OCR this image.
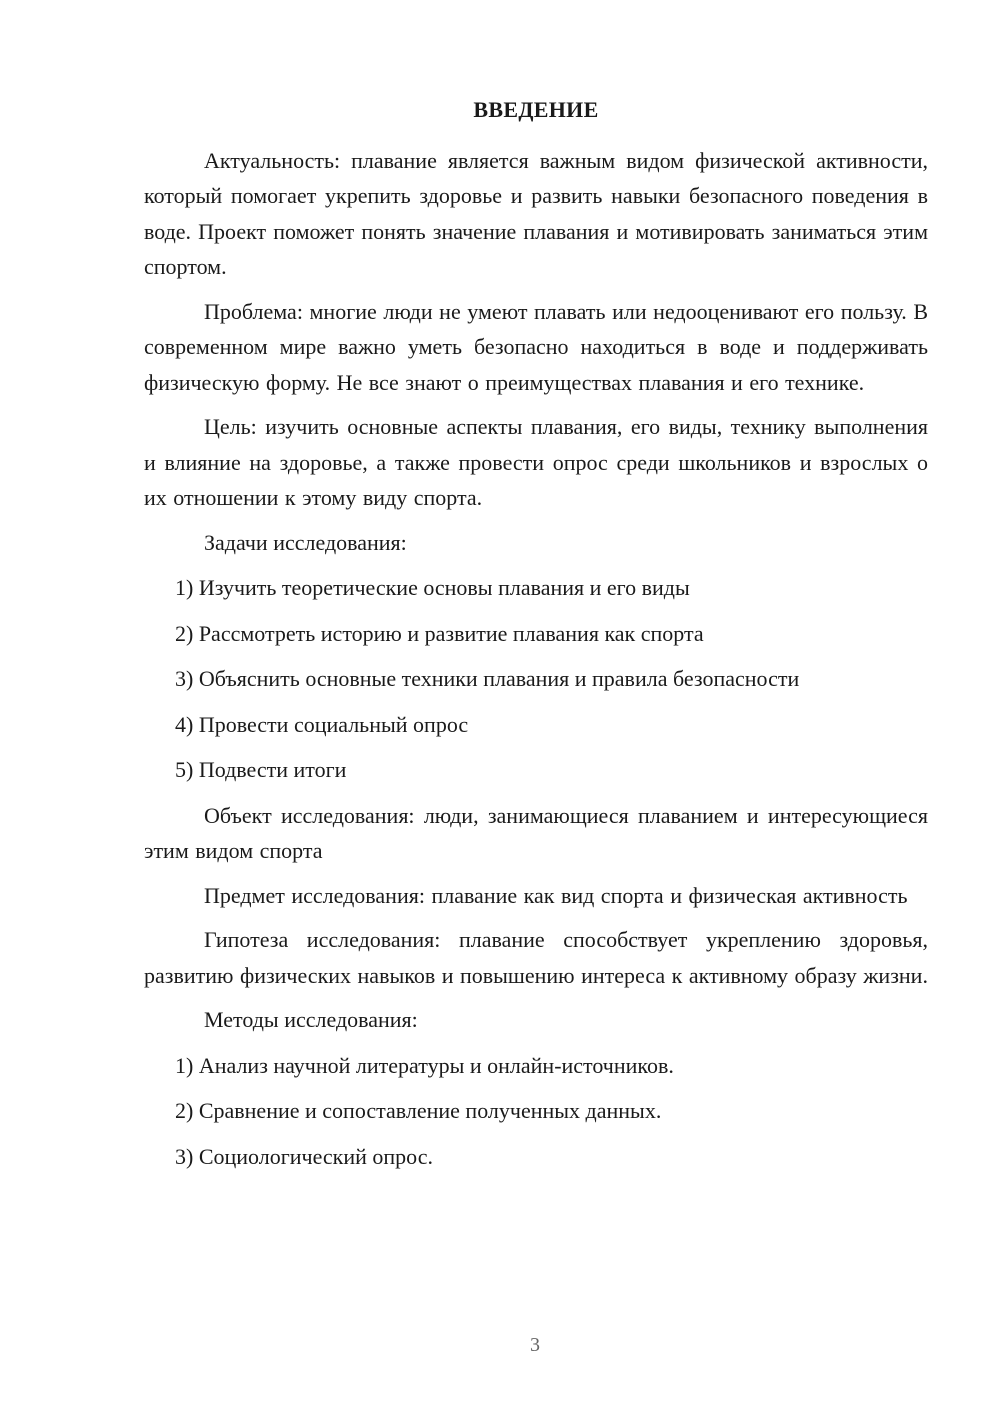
ВВЕДЕНИЕ

Актуальность: плавание является важным видом физической активности, который помогает укрепить здоровье и развить навыки безопасного поведения в воде. Проект поможет понять значение плавания и мотивировать заниматься этим спортом.

Проблема: многие люди не умеют плавать или недооценивают его пользу. В современном мире важно уметь безопасно находиться в воде и поддерживать физическую форму. Не все знают о преимуществах плавания и его технике.

Цель: изучить основные аспекты плавания, его виды, технику выполнения и влияние на здоровье, а также провести опрос среди школьников и взрослых о их отношении к этому виду спорта.

Задачи исследования:
1) Изучить теоретические основы плавания и его виды
2) Рассмотреть историю и развитие плавания как спорта
3) Объяснить основные техники плавания и правила безопасности
4) Провести социальный опрос
5) Подвести итоги

Объект исследования: люди, занимающиеся плаванием и интересующиеся этим видом спорта

Предмет исследования: плавание как вид спорта и физическая активность

Гипотеза исследования: плавание способствует укреплению здоровья, развитию физических навыков и повышению интереса к активному образу жизни.

Методы исследования:
1) Анализ научной литературы и онлайн-источников.
2) Сравнение и сопоставление полученных данных.
3) Социологический опрос.
3
